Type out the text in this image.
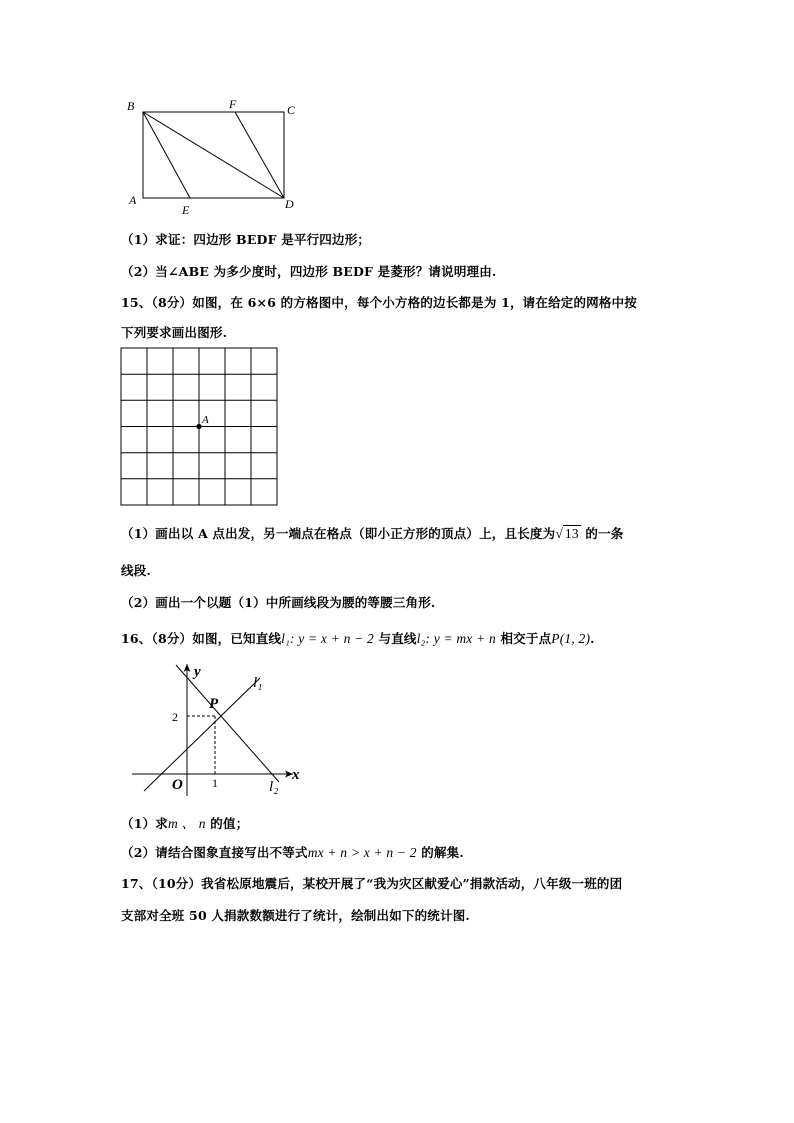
B	F	C
A
E	D
（1）求证：四边形 BEDF 是平行四边形；
（2）当∠ABE 为多少度时，四边形 BEDF 是菱形？请说明理由.
15、（8分）如图，在 6×6 的方格图中，每个小方格的边长都是为 1，请在给定的网格中按
下列要求画出图形.
A
（1）画出以 A 点出发，另一端点在格点（即小正方形的顶点）上，且长度为√ 13 的一条
线段.
（2）画出一个以题（1）中所画线段为腰的等腰三角形.
16、（8分）如图，已知直线l₁: y = x + n − 2 与直线l₂: y = mx + n 相交于点P(1, 2).
y
x
O
P
l₁
l₂
2
1
（1）求m 、 n 的值；
（2）请结合图象直接写出不等式mx + n > x + n − 2 的解集.
17、（10分）我省松原地震后，某校开展了“我为灾区献爱心”捐款活动，八年级一班的团
支部对全班 50 人捐款数额进行了统计，绘制出如下的统计图.
